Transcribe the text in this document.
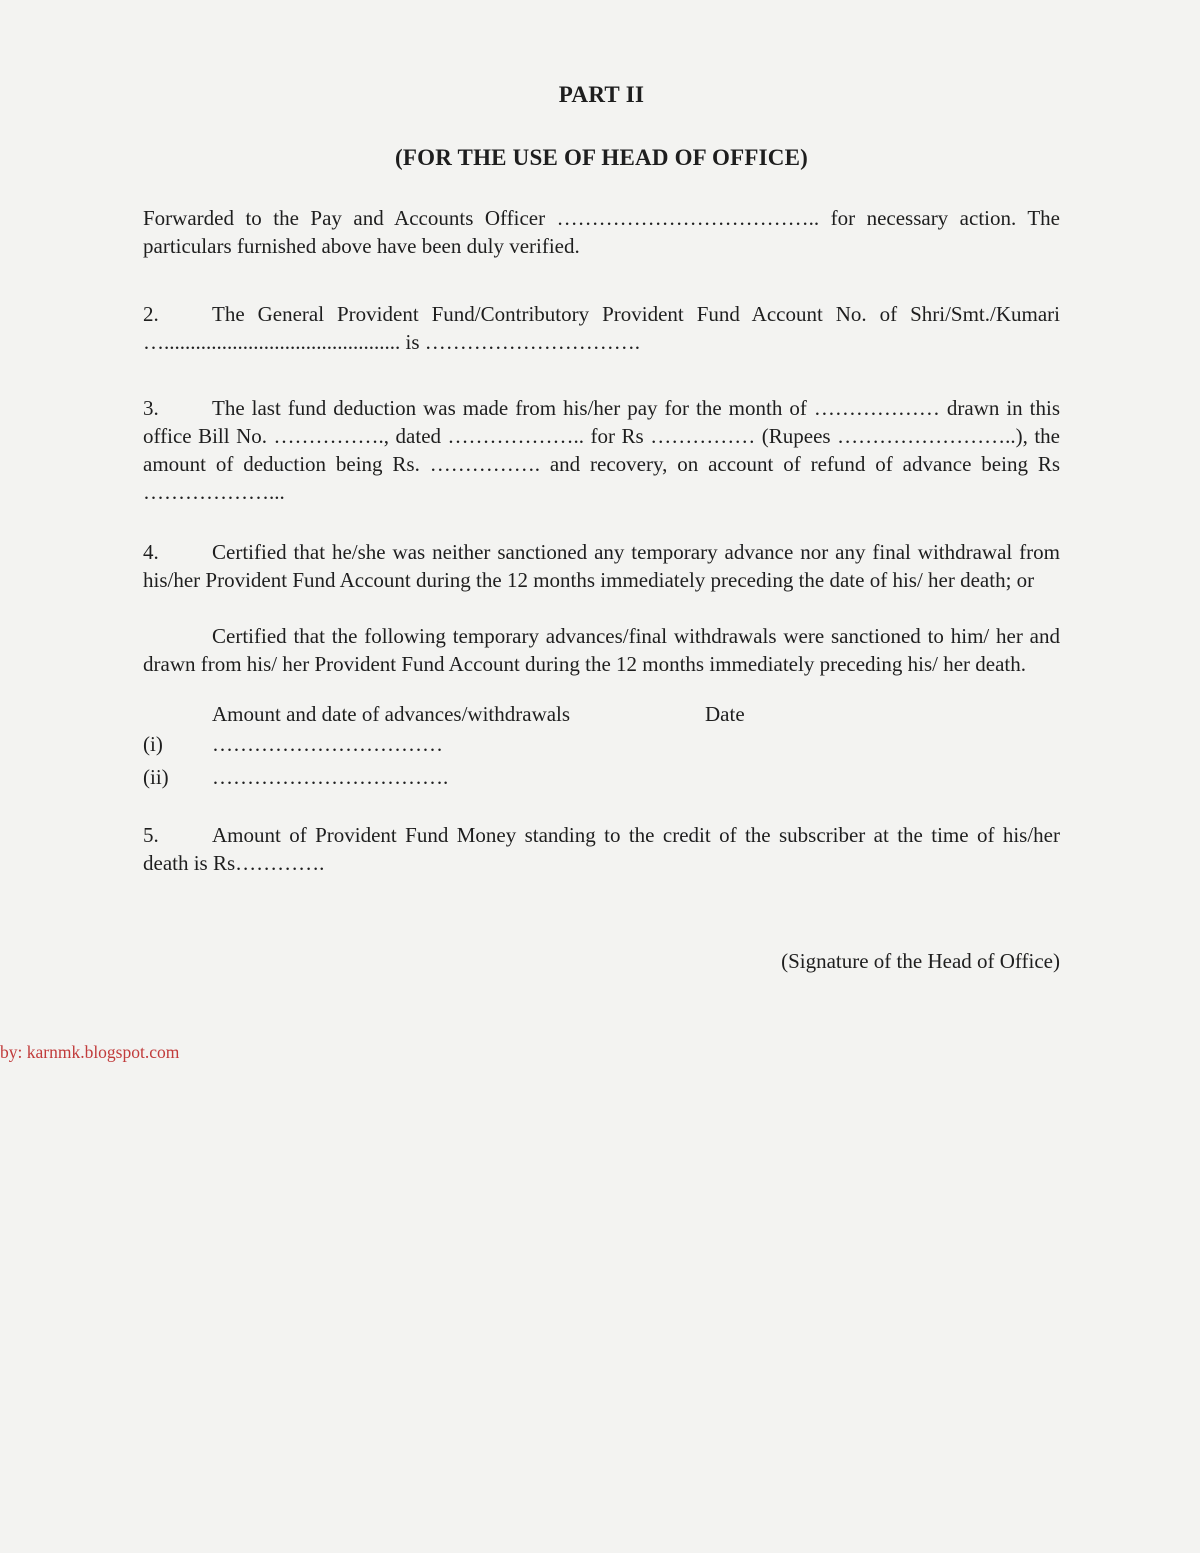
PART II
(FOR THE USE OF HEAD OF OFFICE)

Forwarded to the Pay and Accounts Officer ……………………………….. for necessary action. The particulars furnished above have been duly verified.

2.	The General Provident Fund/Contributory Provident Fund Account No. of Shri/Smt./Kumari …............................................. is ………………………….

3.	The last fund deduction was made from his/her pay for the month of ……………… drawn in this office Bill No. ……………., dated ……………….. for Rs …………… (Rupees ……………………..), the amount of deduction being Rs. ……………. and recovery, on account of refund of advance being Rs ………………...

4.	Certified that he/she was neither sanctioned any temporary advance nor any final withdrawal from his/her Provident Fund Account during the 12 months immediately preceding the date of his/ her death; or

Certified that the following temporary advances/final withdrawals were sanctioned to him/ her and drawn from his/ her Provident Fund Account during the 12 months immediately preceding his/ her death.

Amount and date of advances/withdrawals	Date
(i) ……………………………
(ii) …………………………….

5.	Amount of Provident Fund Money standing to the credit of the subscriber at the time of his/her death is Rs………….

(Signature of the Head of Office)

by: karnmk.blogspot.com
